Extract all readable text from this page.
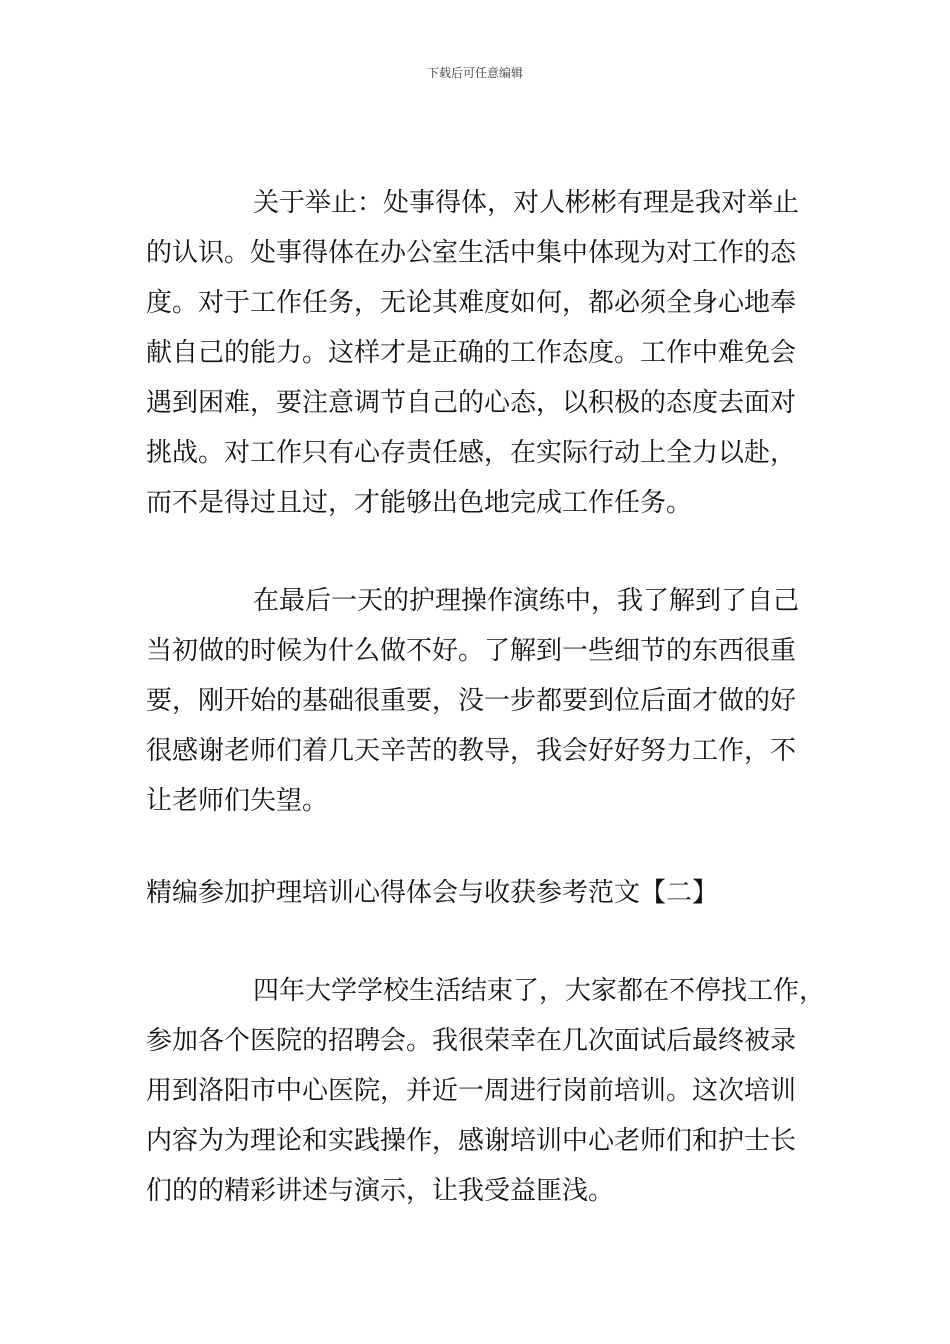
下载后可任意编辑
关于举止：处事得体，对人彬彬有理是我对举止
的认识。处事得体在办公室生活中集中体现为对工作的态
度。对于工作任务，无论其难度如何，都必须全身心地奉
献自己的能力。这样才是正确的工作态度。工作中难免会
遇到困难，要注意调节自己的心态，以积极的态度去面对
挑战。对工作只有心存责任感，在实际行动上全力以赴，
而不是得过且过，才能够出色地完成工作任务。
在最后一天的护理操作演练中，我了解到了自己
当初做的时候为什么做不好。了解到一些细节的东西很重
要，刚开始的基础很重要，没一步都要到位后面才做的好
很感谢老师们着几天辛苦的教导，我会好好努力工作，不
让老师们失望。
精编参加护理培训心得体会与收获参考范文【二】
四年大学学校生活结束了，大家都在不停找工作，
参加各个医院的招聘会。我很荣幸在几次面试后最终被录
用到洛阳市中心医院，并近一周进行岗前培训。这次培训
内容为为理论和实践操作，感谢培训中心老师们和护士长
们的的精彩讲述与演示，让我受益匪浅。
